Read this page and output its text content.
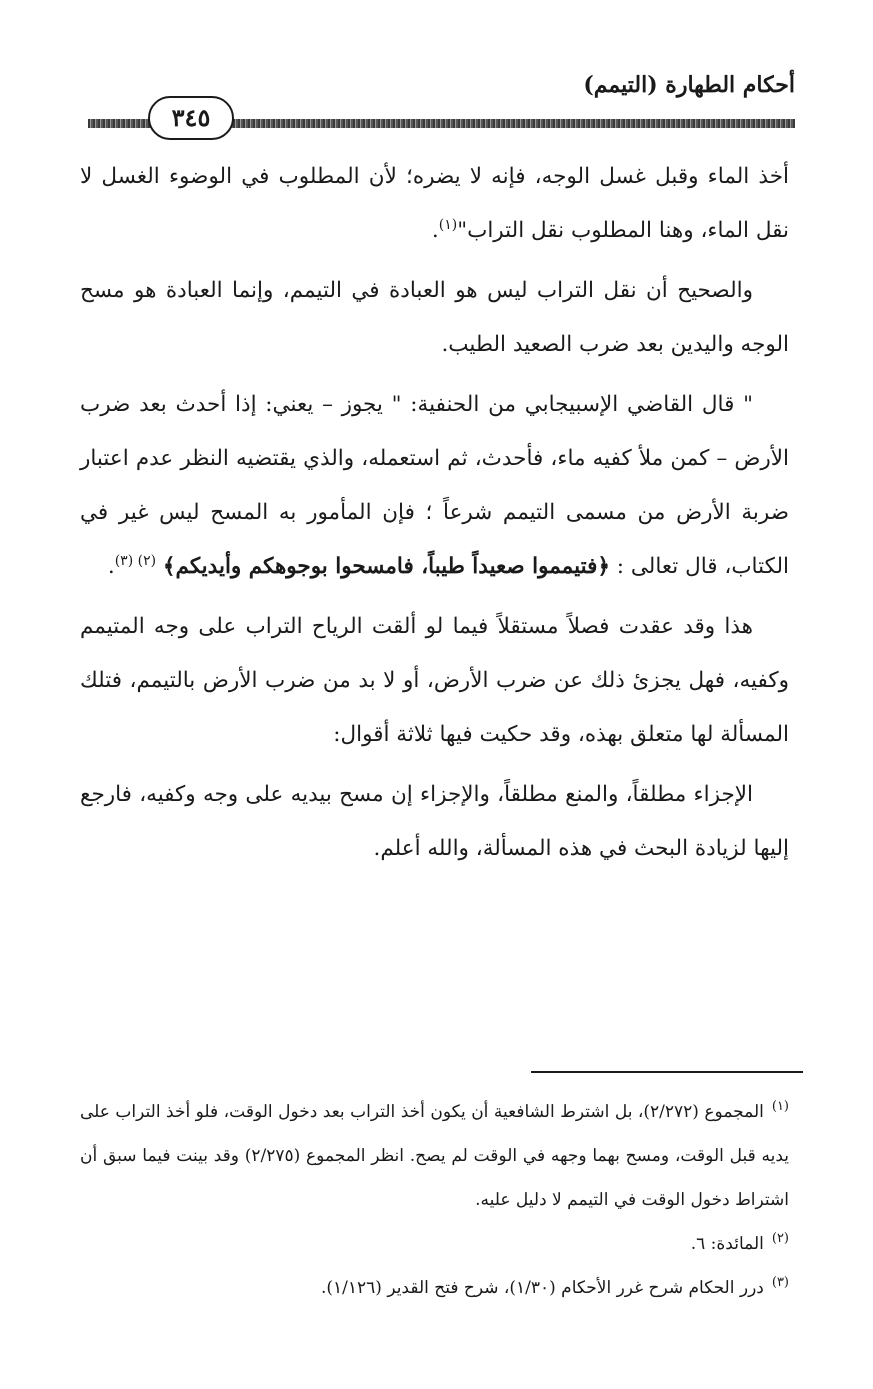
أحكام الطهارة (التيمم)
٣٤٥

أخذ الماء وقبل غسل الوجه، فإنه لا يضره؛ لأن المطلوب في الوضوء الغسل لا نقل الماء، وهنا المطلوب نقل التراب"$^{(١)}$.

والصحيح أن نقل التراب ليس هو العبادة في التيمم، وإنما العبادة هو مسح الوجه واليدين بعد ضرب الصعيد الطيب.

" قال القاضي الإسبيجابي من الحنفية: " يجوز – يعني: إذا أحدث بعد ضرب الأرض – كمن ملأ كفيه ماء، فأحدث، ثم استعمله، والذي يقتضيه النظر عدم اعتبار ضربة الأرض من مسمى التيمم شرعاً ؛ فإن المأمور به المسح ليس غير في الكتاب، قال تعالى : ﴿فتيمموا صعيداً طيباً، فامسحوا بوجوهكم وأيديكم﴾ $^{(٢) (٣)}$.

هذا وقد عقدت فصلاً مستقلاً فيما لو ألقت الرياح التراب على وجه المتيمم وكفيه، فهل يجزئ ذلك عن ضرب الأرض، أو لا بد من ضرب الأرض بالتيمم، فتلك المسألة لها متعلق بهذه، وقد حكيت فيها ثلاثة أقوال:

الإجزاء مطلقاً، والمنع مطلقاً، والإجزاء إن مسح بيديه على وجه وكفيه، فارجع إليها لزيادة البحث في هذه المسألة، والله أعلم.

$^{(١)}$المجموع (٢/٢٧٢)، بل اشترط الشافعية أن يكون أخذ التراب بعد دخول الوقت، فلو أخذ التراب على يديه قبل الوقت، ومسح بهما وجهه في الوقت لم يصح. انظر المجموع (٢/٢٧٥) وقد بينت فيما سبق أن اشتراط دخول الوقت في التيمم لا دليل عليه.

$^{(٢)}$المائدة: ٦.

$^{(٣)}$درر الحكام شرح غرر الأحكام (١/٣٠)، شرح فتح القدير (١/١٢٦).
